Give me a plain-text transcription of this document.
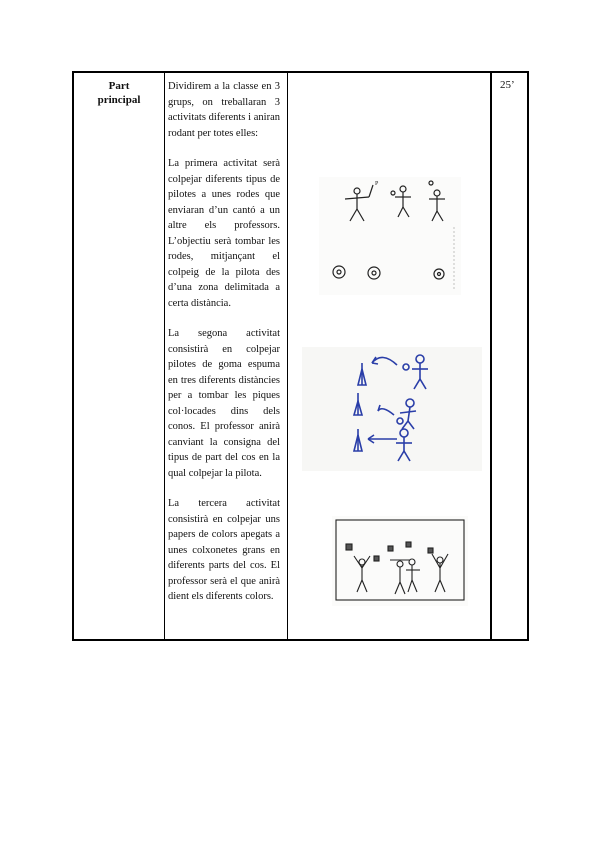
Part
principal

Dividirem a la classe en 3 grups, on treballaran 3 activitats diferents i aniran rodant per totes elles:

La primera activitat serà colpejar diferents tipus de pilotes a unes rodes que enviaran d’un cantó a un altre els professors. L’objectiu serà tombar les rodes, mitjançant el colpeig de la pilota des d’una zona delimitada a certa distància.

La segona activitat consistirà en colpejar pilotes de goma espuma en tres diferents distàncies per a tombar les piques col·locades dins dels conos. El professor anirà canviant la consigna del tipus de part del cos en la qual colpejar la pilota.

La tercera activitat consistirà en colpejar uns papers de colors apegats a unes colxonetes grans en diferents parts del cos. El professor serà el que anirà dient els diferents colors.

25’
P
